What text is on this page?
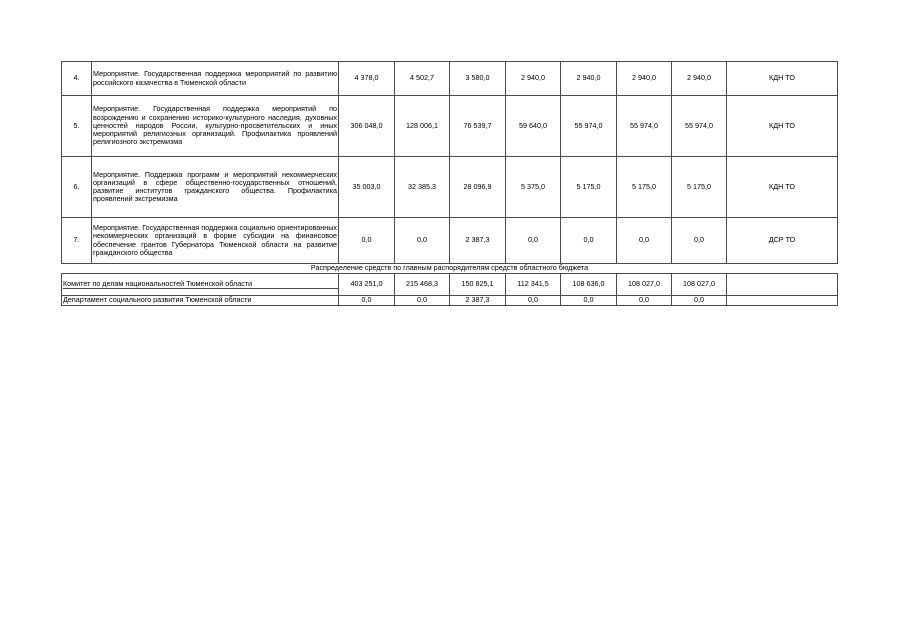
.
4.	Мероприятие. Государственная поддержка мероприятий по развитию российского казачества в Тюменской области	4 378,0	4 502,7	3 580,0	2 940,0	2 940,0	2 940,0	2 940,0	КДН ТО
5.	Мероприятие. Государственная поддержка мероприятий по возрождению и сохранению историко-культурного наследия, духовных ценностей народов России, культурно-просветительских и иных мероприятий религиозных организаций. Профилактика проявлений религиозного экстремизма	306 048,0	128 006,1	76 539,7	59 640,0	55 974,0	55 974,0	55 974,0	КДН ТО
6.	Мероприятие. Поддержка программ и мероприятий некоммерческих организаций в сфере общественно-государственных отношений, развитие институтов гражданского общества. Профилактика проявлений экстремизма	35 003,0	32 385,3	28 096,9	5 375,0	5 175,0	5 175,0	5 175,0	КДН ТО
7.	Мероприятие. Государственная поддержка социально ориентированных некоммерческих организаций в форме субсидии на финансовое обеспечение грантов Губернатора Тюменской области на развитие гражданского общества	0,0	0,0	2 387,3	0,0	0,0	0,0	0,0	ДСР ТО
Распределение средств по главным распорядителям средств областного бюджета									

Комитет по делам национальностей Тюменской области		403 251,0	215 468,3	150 825,1	112 341,5	108 636,0	108 027,0	108 027,0	
Департамент социального развития Тюменской области		0,0	0,0	2 387,3	0,0	0,0	0,0	0,0	
